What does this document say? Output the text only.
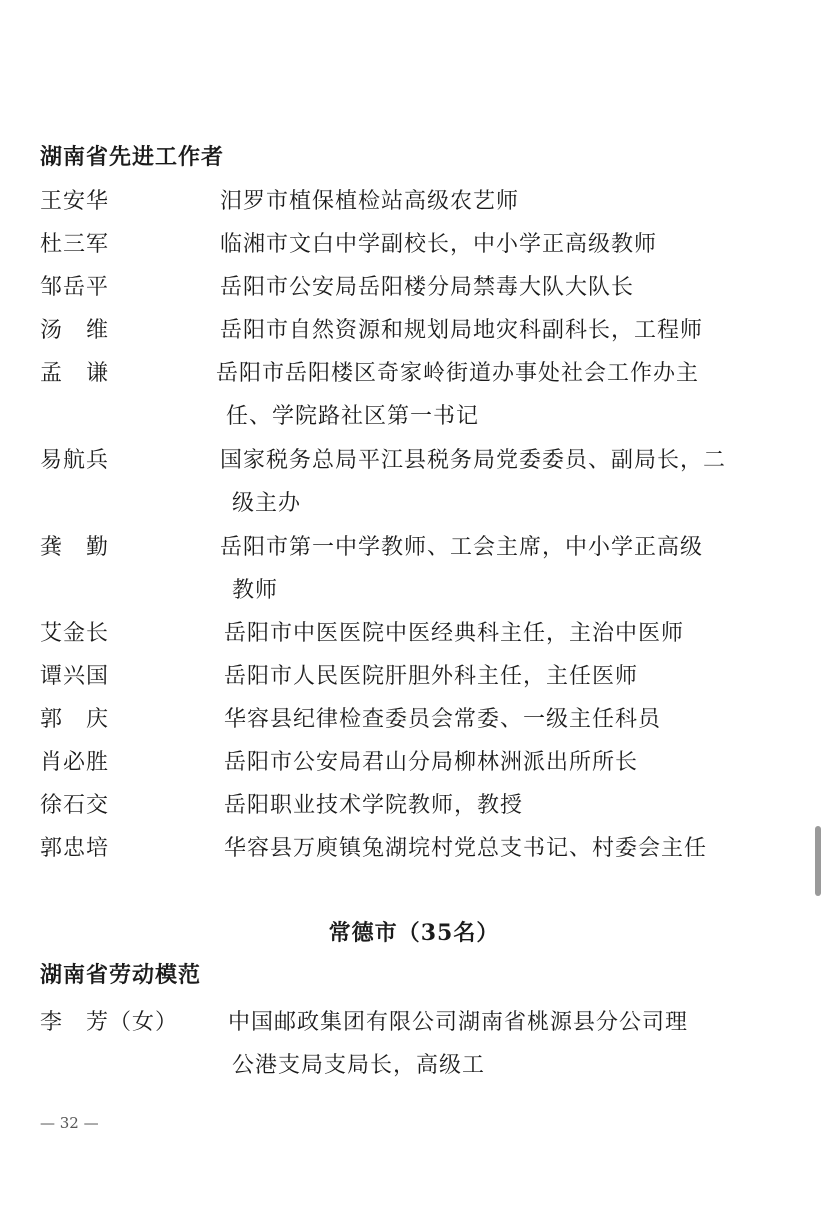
湖南省先进工作者
王安华	汨罗市植保植检站高级农艺师
杜三军	临湘市文白中学副校长，中小学正高级教师
邹岳平	岳阳市公安局岳阳楼分局禁毒大队大队长
汤　维	岳阳市自然资源和规划局地灾科副科长，工程师
孟　谦	岳阳市岳阳楼区奇家岭街道办事处社会工作办主
任、学院路社区第一书记
易航兵	国家税务总局平江县税务局党委委员、副局长，二
级主办
龚　勤	岳阳市第一中学教师、工会主席，中小学正高级
教师
艾金长	岳阳市中医医院中医经典科主任，主治中医师
谭兴国	岳阳市人民医院肝胆外科主任，主任医师
郭　庆	华容县纪律检查委员会常委、一级主任科员
肖必胜	岳阳市公安局君山分局柳林洲派出所所长
徐石交	岳阳职业技术学院教师，教授
郭忠培	华容县万庾镇兔湖垸村党总支书记、村委会主任
常德市（35名）
湖南省劳动模范
李　芳（女） 中国邮政集团有限公司湖南省桃源县分公司理
公港支局支局长，高级工
— 32 —
